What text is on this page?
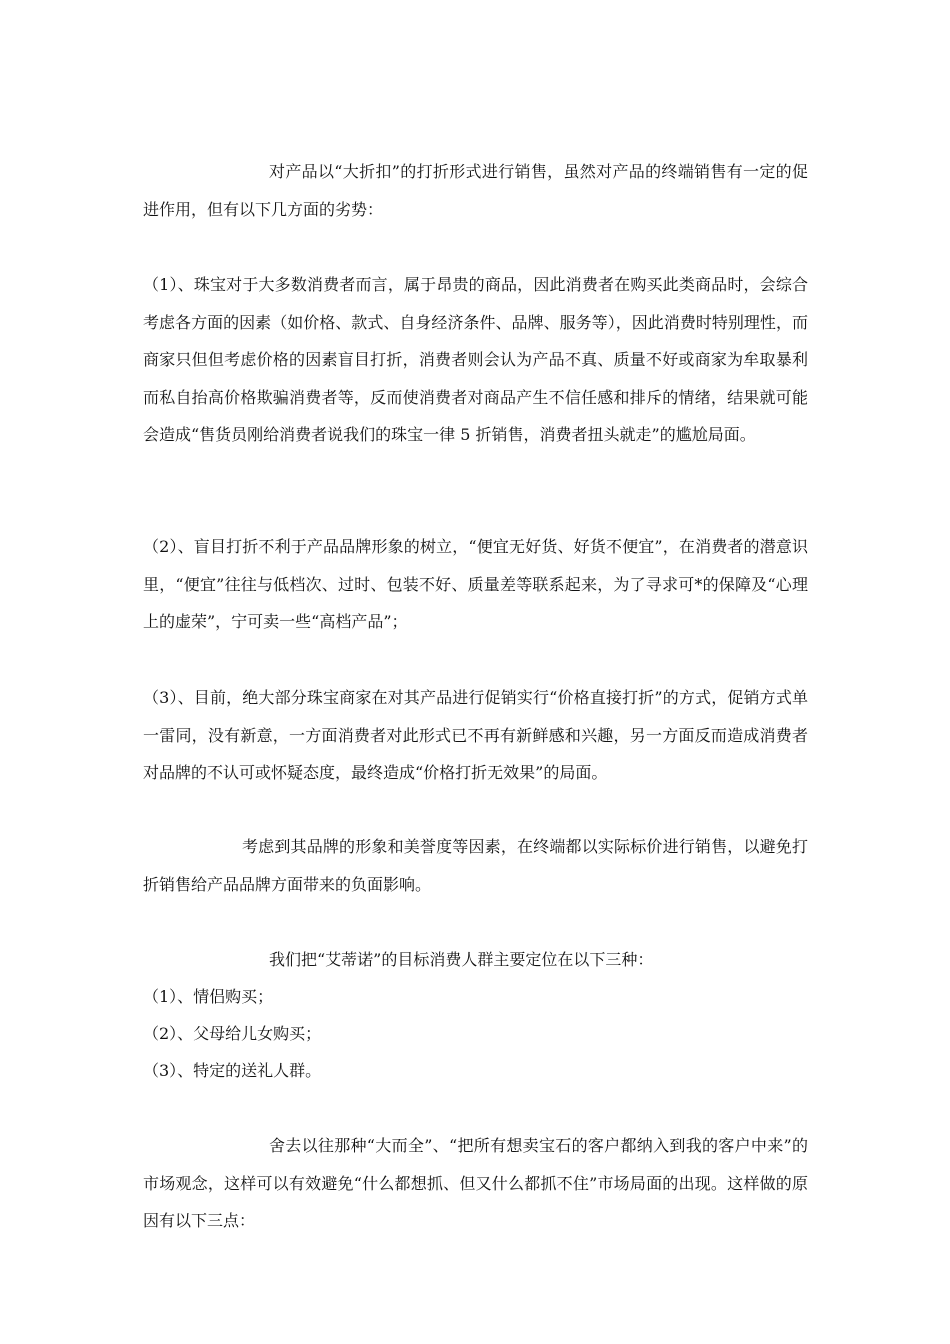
对产品以“大折扣”的打折形式进行销售，虽然对产品的终端销售有一定的促进作用，但有以下几方面的劣势：

（1）、珠宝对于大多数消费者而言，属于昂贵的商品，因此消费者在购买此类商品时，会综合考虑各方面的因素（如价格、款式、自身经济条件、品牌、服务等），因此消费时特别理性，而商家只但但考虑价格的因素盲目打折，消费者则会认为产品不真、质量不好或商家为牟取暴利而私自抬高价格欺骗消费者等，反而使消费者对商品产生不信任感和排斥的情绪，结果就可能会造成“售货员刚给消费者说我们的珠宝一律 5 折销售，消费者扭头就走”的尴尬局面。

（2）、盲目打折不利于产品品牌形象的树立，“便宜无好货、好货不便宜”，在消费者的潜意识里，“便宜”往往与低档次、过时、包装不好、质量差等联系起来，为了寻求可*的保障及“心理上的虚荣”，宁可卖一些“高档产品”；

（3）、目前，绝大部分珠宝商家在对其产品进行促销实行“价格直接打折”的方式，促销方式单一雷同，没有新意，一方面消费者对此形式已不再有新鲜感和兴趣，另一方面反而造成消费者对品牌的不认可或怀疑态度，最终造成“价格打折无效果”的局面。

考虑到其品牌的形象和美誉度等因素，在终端都以实际标价进行销售，以避免打折销售给产品品牌方面带来的负面影响。

我们把“艾蒂诺”的目标消费人群主要定位在以下三种：

（1）、情侣购买；

（2）、父母给儿女购买；

（3）、特定的送礼人群。

舍去以往那种“大而全”、“把所有想卖宝石的客户都纳入到我的客户中来”的市场观念，这样可以有效避免“什么都想抓、但又什么都抓不住”市场局面的出现。这样做的原因有以下三点：
